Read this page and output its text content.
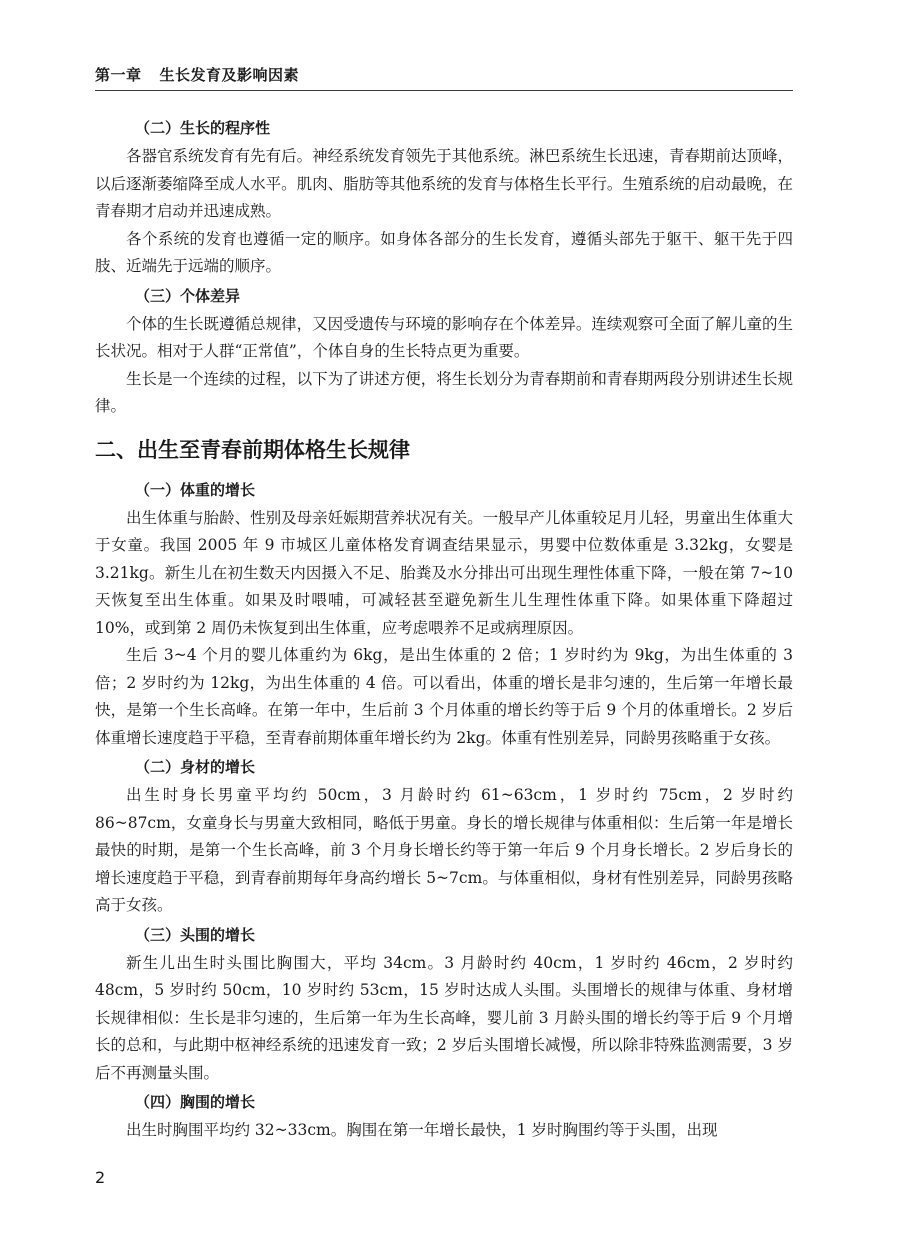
第一章 生长发育及影响因素
（二）生长的程序性

各器官系统发育有先有后。神经系统发育领先于其他系统。淋巴系统生长迅速，青春期前达顶峰，以后逐渐萎缩降至成人水平。肌肉、脂肪等其他系统的发育与体格生长平行。生殖系统的启动最晚，在青春期才启动并迅速成熟。

各个系统的发育也遵循一定的顺序。如身体各部分的生长发育，遵循头部先于躯干、躯干先于四肢、近端先于远端的顺序。

（三）个体差异

个体的生长既遵循总规律，又因受遗传与环境的影响存在个体差异。连续观察可全面了解儿童的生长状况。相对于人群“正常值”，个体自身的生长特点更为重要。

生长是一个连续的过程，以下为了讲述方便，将生长划分为青春期前和青春期两段分别讲述生长规律。

二、出生至青春前期体格生长规律
（一）体重的增长

出生体重与胎龄、性别及母亲妊娠期营养状况有关。一般早产儿体重较足月儿轻，男童出生体重大于女童。我国 2005 年 9 市城区儿童体格发育调查结果显示，男婴中位数体重是 3.32kg，女婴是 3.21kg。新生儿在初生数天内因摄入不足、胎粪及水分排出可出现生理性体重下降，一般在第 7~10 天恢复至出生体重。如果及时喂哺，可减轻甚至避免新生儿生理性体重下降。如果体重下降超过 10%，或到第 2 周仍未恢复到出生体重，应考虑喂养不足或病理原因。

生后 3~4 个月的婴儿体重约为 6kg，是出生体重的 2 倍；1 岁时约为 9kg，为出生体重的 3 倍；2 岁时约为 12kg，为出生体重的 4 倍。可以看出，体重的增长是非匀速的，生后第一年增长最快，是第一个生长高峰。在第一年中，生后前 3 个月体重的增长约等于后 9 个月的体重增长。2 岁后体重增长速度趋于平稳，至青春前期体重年增长约为 2kg。体重有性别差异，同龄男孩略重于女孩。

（二）身材的增长

出生时身长男童平均约 50cm，3 月龄时约 61~63cm，1 岁时约 75cm，2 岁时约 86~87cm，女童身长与男童大致相同，略低于男童。身长的增长规律与体重相似：生后第一年是增长最快的时期，是第一个生长高峰，前 3 个月身长增长约等于第一年后 9 个月身长增长。2 岁后身长的增长速度趋于平稳，到青春前期每年身高约增长 5~7cm。与体重相似，身材有性别差异，同龄男孩略高于女孩。

（三）头围的增长

新生儿出生时头围比胸围大，平均 34cm。3 月龄时约 40cm，1 岁时约 46cm，2 岁时约 48cm，5 岁时约 50cm，10 岁时约 53cm，15 岁时达成人头围。头围增长的规律与体重、身材增长规律相似：生长是非匀速的，生后第一年为生长高峰，婴儿前 3 月龄头围的增长约等于后 9 个月增长的总和，与此期中枢神经系统的迅速发育一致；2 岁后头围增长减慢，所以除非特殊监测需要，3 岁后不再测量头围。

（四）胸围的增长

出生时胸围平均约 32~33cm。胸围在第一年增长最快，1 岁时胸围约等于头围，出现

2
